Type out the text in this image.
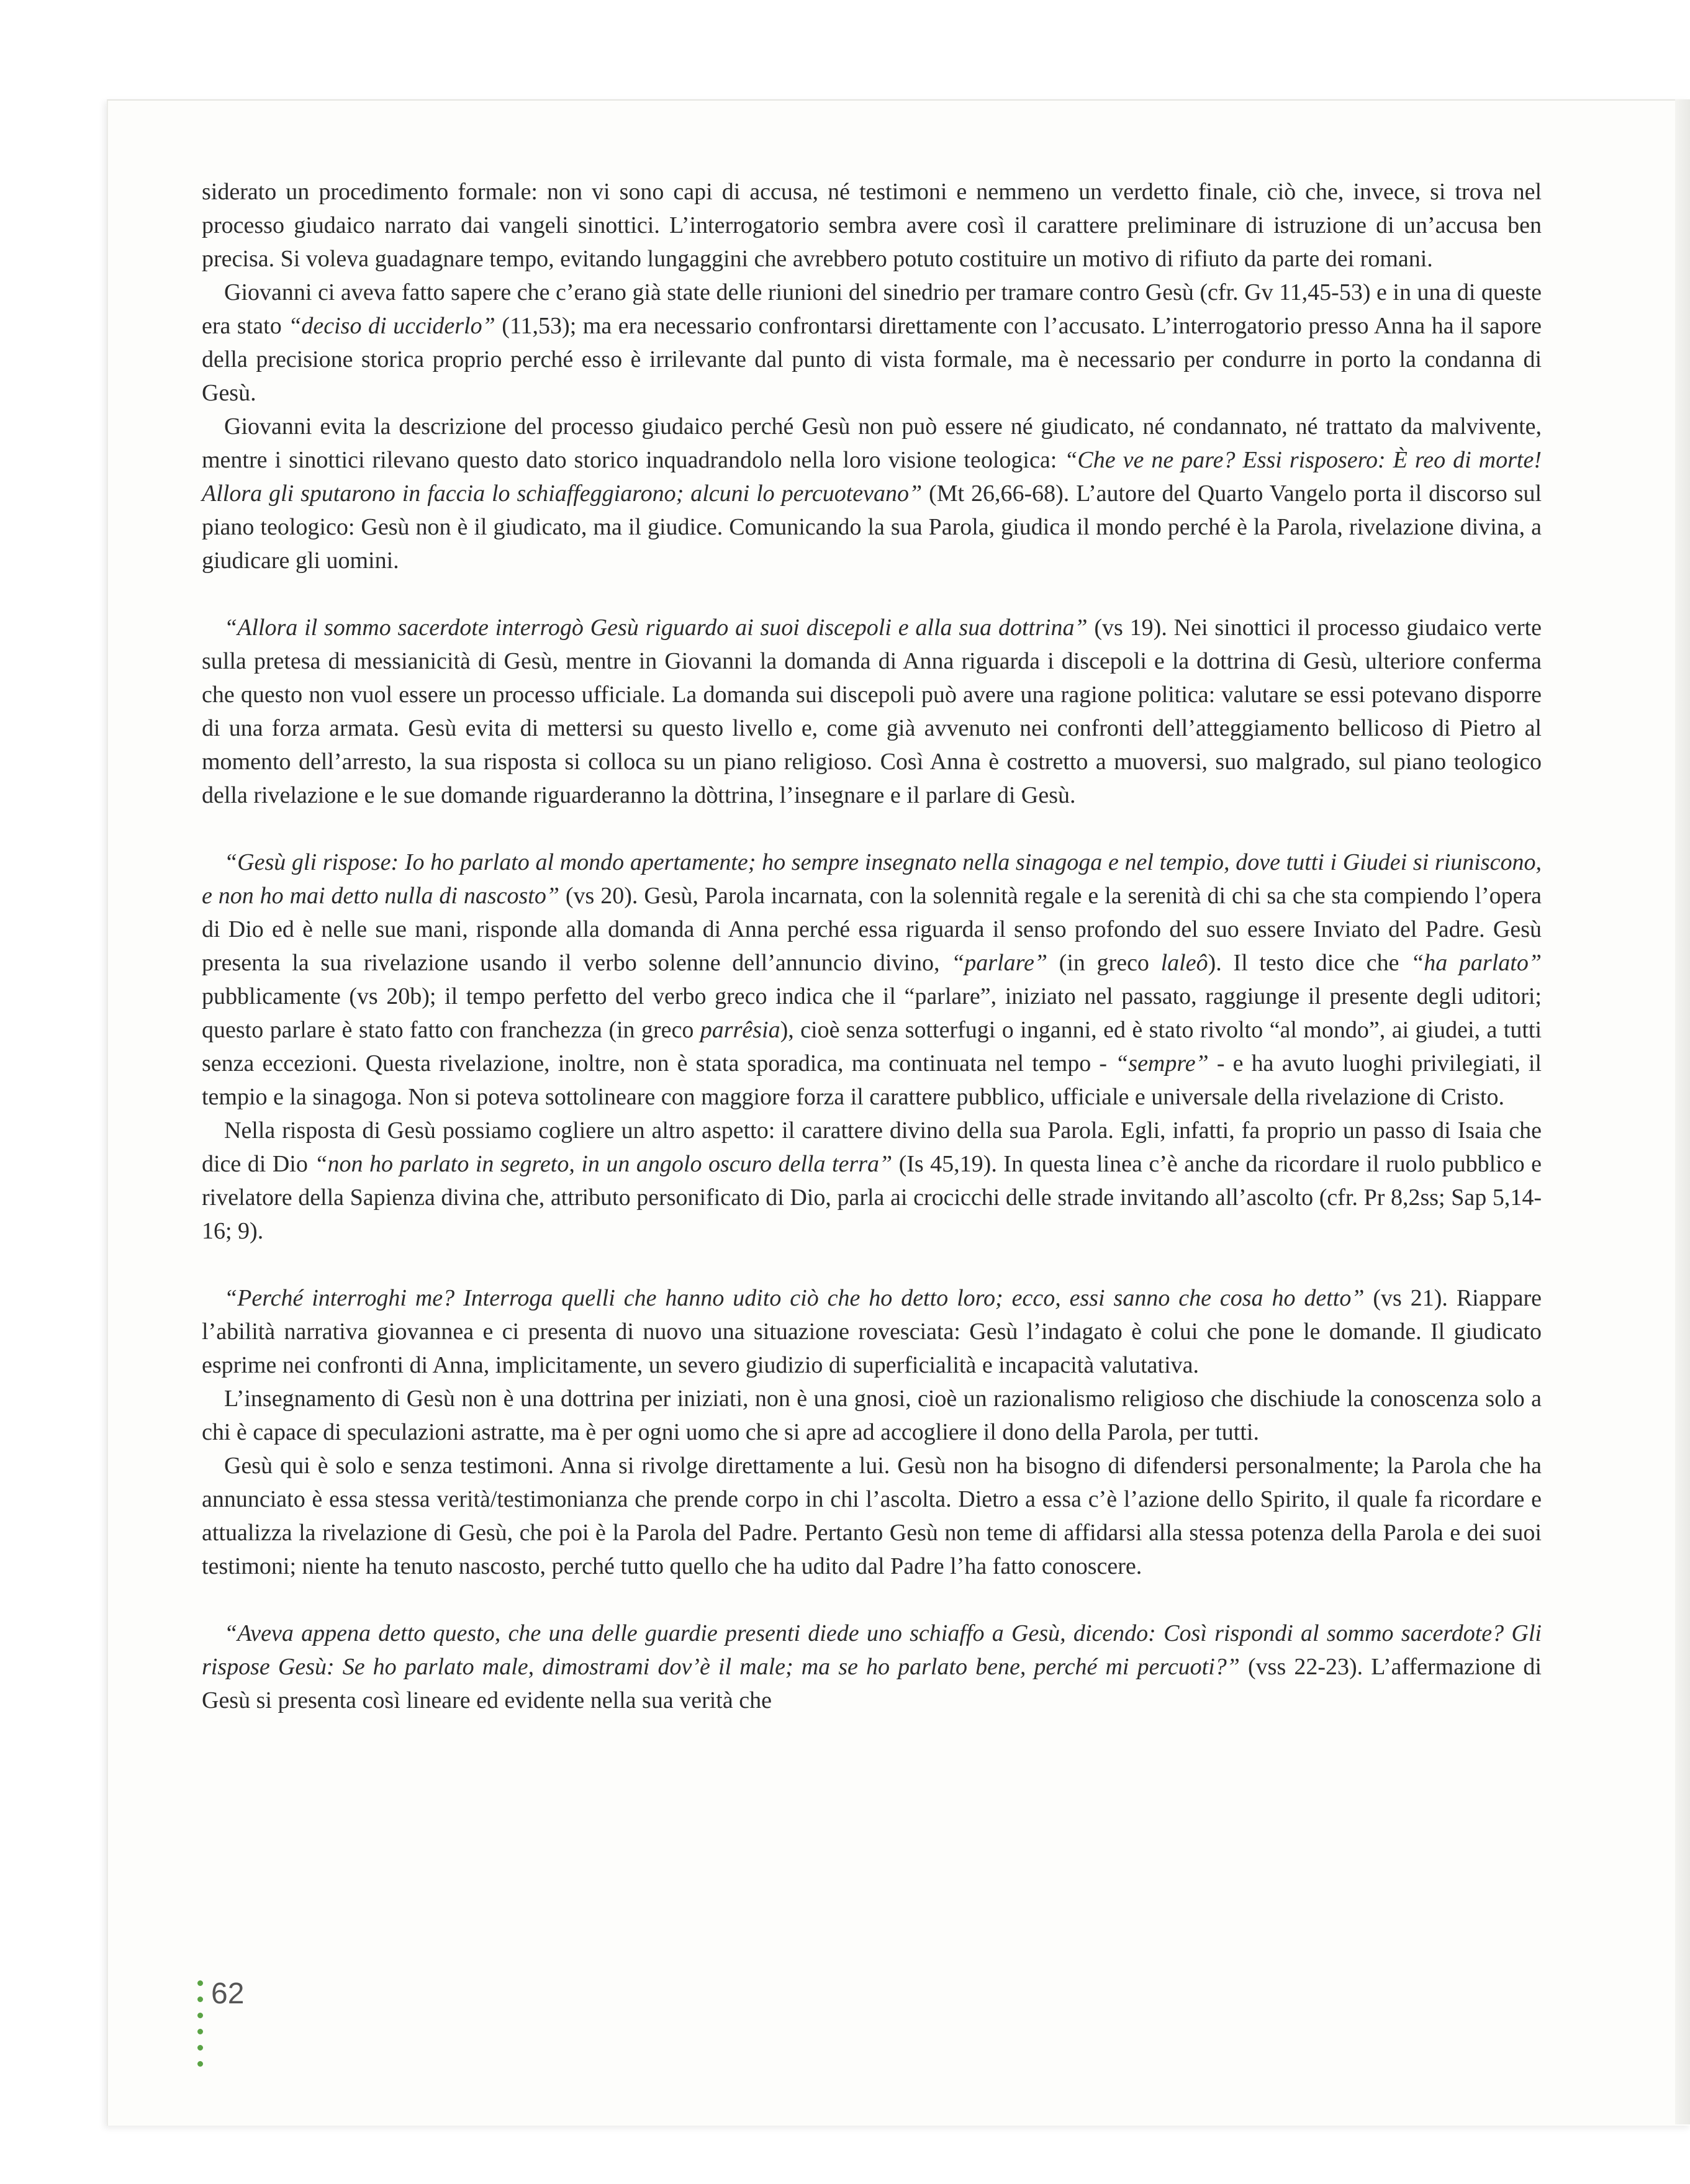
siderato un procedimento formale: non vi sono capi di accusa, né testimoni e nemmeno un verdetto finale, ciò che, invece, si trova nel processo giudaico narrato dai vangeli sinottici. L’interrogatorio sembra avere così il carattere preliminare di istruzione di un’accusa ben precisa. Si voleva guadagnare tempo, evitando lungaggini che avrebbero potuto costituire un motivo di rifiuto da parte dei romani.

Giovanni ci aveva fatto sapere che c’erano già state delle riunioni del sinedrio per tramare contro Gesù (cfr. Gv 11,45-53) e in una di queste era stato “deciso di ucciderlo” (11,53); ma era necessario confrontarsi direttamente con l’accusato. L’interrogatorio presso Anna ha il sapore della precisione storica proprio perché esso è irrilevante dal punto di vista formale, ma è necessario per condurre in porto la condanna di Gesù.

Giovanni evita la descrizione del processo giudaico perché Gesù non può essere né giudicato, né condannato, né trattato da malvivente, mentre i sinottici rilevano questo dato storico inquadrandolo nella loro visione teologica: “Che ve ne pare? Essi risposero: È reo di morte! Allora gli sputarono in faccia lo schiaffeggiarono; alcuni lo percuotevano” (Mt 26,66-68). L’autore del Quarto Vangelo porta il discorso sul piano teologico: Gesù non è il giudicato, ma il giudice. Comunicando la sua Parola, giudica il mondo perché è la Parola, rivelazione divina, a giudicare gli uomini.

“Allora il sommo sacerdote interrogò Gesù riguardo ai suoi discepoli e alla sua dottrina” (vs 19). Nei sinottici il processo giudaico verte sulla pretesa di messianicità di Gesù, mentre in Giovanni la domanda di Anna riguarda i discepoli e la dottrina di Gesù, ulteriore conferma che questo non vuol essere un processo ufficiale. La domanda sui discepoli può avere una ragione politica: valutare se essi potevano disporre di una forza armata. Gesù evita di mettersi su questo livello e, come già avvenuto nei confronti dell’atteggiamento bellicoso di Pietro al momento dell’arresto, la sua risposta si colloca su un piano religioso. Così Anna è costretto a muoversi, suo malgrado, sul piano teologico della rivelazione e le sue domande riguarderanno la dòttrina, l’insegnare e il parlare di Gesù.

“Gesù gli rispose: Io ho parlato al mondo apertamente; ho sempre insegnato nella sinagoga e nel tempio, dove tutti i Giudei si riuniscono, e non ho mai detto nulla di nascosto” (vs 20). Gesù, Parola incarnata, con la solennità regale e la serenità di chi sa che sta compiendo l’opera di Dio ed è nelle sue mani, risponde alla domanda di Anna perché essa riguarda il senso profondo del suo essere Inviato del Padre. Gesù presenta la sua rivelazione usando il verbo solenne dell’annuncio divino, “parlare” (in greco laleô). Il testo dice che “ha parlato” pubblicamente (vs 20b); il tempo perfetto del verbo greco indica che il “parlare”, iniziato nel passato, raggiunge il presente degli uditori; questo parlare è stato fatto con franchezza (in greco parrêsia), cioè senza sotterfugi o inganni, ed è stato rivolto “al mondo”, ai giudei, a tutti senza eccezioni. Questa rivelazione, inoltre, non è stata sporadica, ma continuata nel tempo - “sempre” - e ha avuto luoghi privilegiati, il tempio e la sinagoga. Non si poteva sottolineare con maggiore forza il carattere pubblico, ufficiale e universale della rivelazione di Cristo.

Nella risposta di Gesù possiamo cogliere un altro aspetto: il carattere divino della sua Parola. Egli, infatti, fa proprio un passo di Isaia che dice di Dio “non ho parlato in segreto, in un angolo oscuro della terra” (Is 45,19). In questa linea c’è anche da ricordare il ruolo pubblico e rivelatore della Sapienza divina che, attributo personificato di Dio, parla ai crocicchi delle strade invitando all’ascolto (cfr. Pr 8,2ss; Sap 5,14-16; 9).

“Perché interroghi me? Interroga quelli che hanno udito ciò che ho detto loro; ecco, essi sanno che cosa ho detto” (vs 21). Riappare l’abilità narrativa giovannea e ci presenta di nuovo una situazione rovesciata: Gesù l’indagato è colui che pone le domande. Il giudicato esprime nei confronti di Anna, implicitamente, un severo giudizio di superficialità e incapacità valutativa.

L’insegnamento di Gesù non è una dottrina per iniziati, non è una gnosi, cioè un razionalismo religioso che dischiude la conoscenza solo a chi è capace di speculazioni astratte, ma è per ogni uomo che si apre ad accogliere il dono della Parola, per tutti.

Gesù qui è solo e senza testimoni. Anna si rivolge direttamente a lui. Gesù non ha bisogno di difendersi personalmente; la Parola che ha annunciato è essa stessa verità/testimonianza che prende corpo in chi l’ascolta. Dietro a essa c’è l’azione dello Spirito, il quale fa ricordare e attualizza la rivelazione di Gesù, che poi è la Parola del Padre. Pertanto Gesù non teme di affidarsi alla stessa potenza della Parola e dei suoi testimoni; niente ha tenuto nascosto, perché tutto quello che ha udito dal Padre l’ha fatto conoscere.

“Aveva appena detto questo, che una delle guardie presenti diede uno schiaffo a Gesù, dicendo: Così rispondi al sommo sacerdote? Gli rispose Gesù: Se ho parlato male, dimostrami dov’è il male; ma se ho parlato bene, perché mi percuoti?” (vss 22-23). L’affermazione di Gesù si presenta così lineare ed evidente nella sua verità che

62
